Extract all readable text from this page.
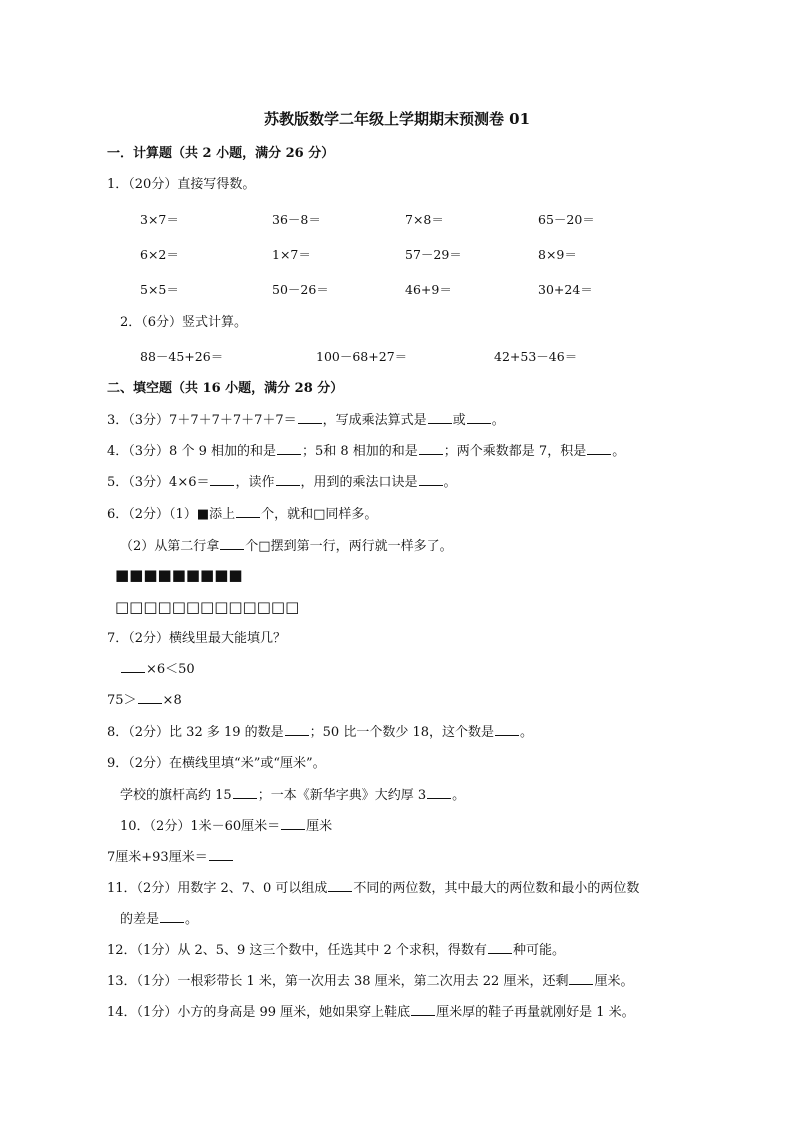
苏教版数学二年级上学期期末预测卷 01
一．计算题（共 2 小题，满分 26 分）
1．（20分）直接写得数。
3×7＝	36－8＝	7×8＝	65－20＝
6×2＝	1×7＝	57－29＝	8×9＝
5×5＝	50－26＝	46+9＝	30+24＝
2．（6分）竖式计算。
88－45+26＝	100－68+27＝	42+53－46＝
二、填空题（共 16 小题，满分 28 分）
3．（3分）7＋7＋7＋7＋7＋7＝ ，写成乘法算式是 或 。
4．（3分）8 个 9 相加的和是 ；5和 8 相加的和是 ；两个乘数都是 7，积是 。
5．（3分）4×6＝ ，读作 ，用到的乘法口诀是 。
6．（2分）（1）■添上 个，就和□同样多。
（2）从第二行拿 个□摆到第一行，两行就一样多了。
■■■■■■■■■
□□□□□□□□□□□□□
7．（2分）横线里最大能填几？
×6＜50
75＞ ×8
8．（2分）比 32 多 19 的数是 ；50 比一个数少 18，这个数是 。
9．（2分）在横线里填“米”或“厘米”。
学校的旗杆高约 15 ；一本《新华字典》大约厚 3 。
10．（2分）1米－60厘米＝ 厘米
7厘米+93厘米＝
11．（2分）用数字 2、7、0 可以组成 不同的两位数，其中最大的两位数和最小的两位数
的差是 。
12．（1分）从 2、5、9 这三个数中，任选其中 2 个求积，得数有 种可能。
13．（1分）一根彩带长 1 米，第一次用去 38 厘米，第二次用去 22 厘米，还剩 厘米。
14．（1分）小方的身高是 99 厘米，她如果穿上鞋底 厘米厚的鞋子再量就刚好是 1 米。
